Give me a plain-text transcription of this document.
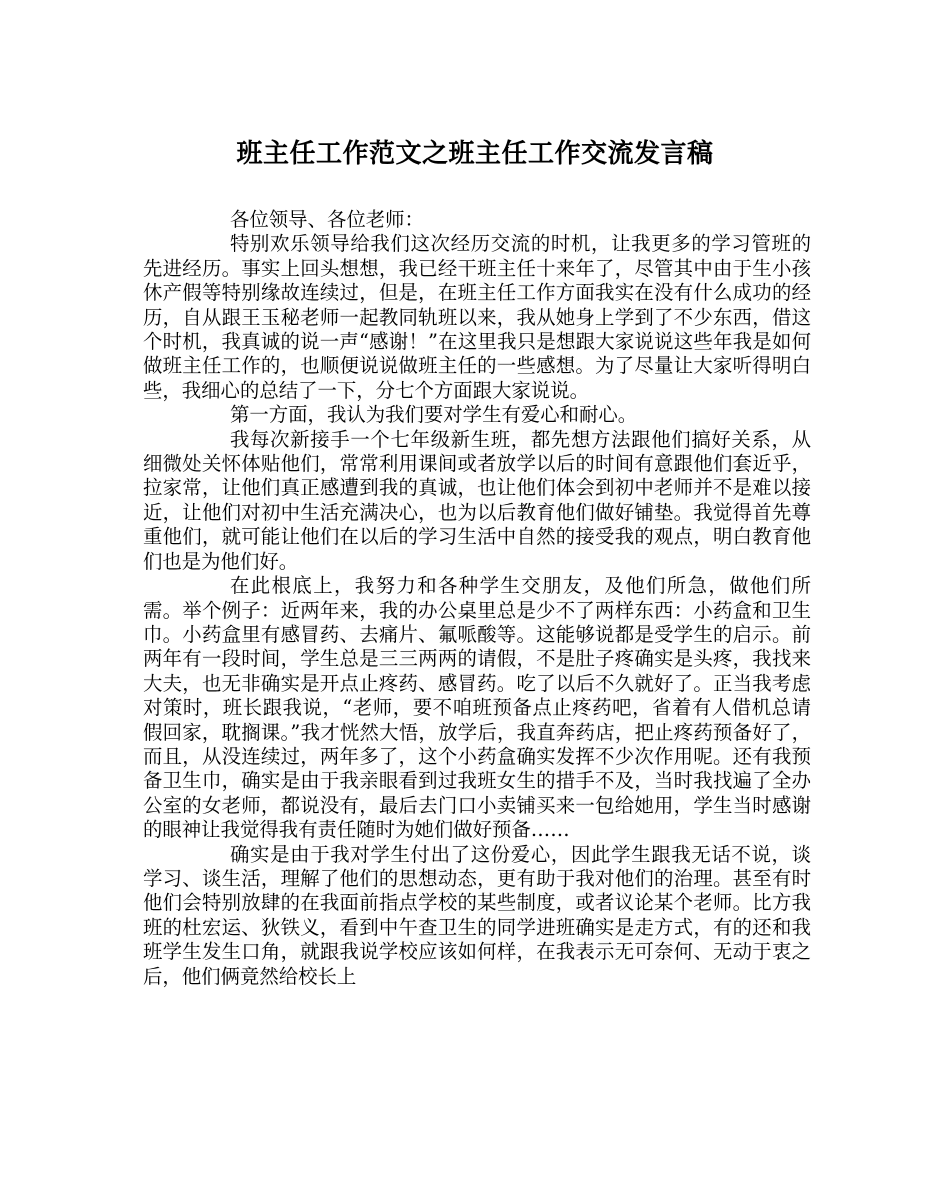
班主任工作范文之班主任工作交流发言稿

各位领导、各位老师：

特别欢乐领导给我们这次经历交流的时机，让我更多的学习管班的先进经历。事实上回头想想，我已经干班主任十来年了，尽管其中由于生小孩休产假等特别缘故连续过，但是，在班主任工作方面我实在没有什么成功的经历，自从跟王玉秘老师一起教同轨班以来，我从她身上学到了不少东西，借这个时机，我真诚的说一声“感谢！”在这里我只是想跟大家说说这些年我是如何做班主任工作的，也顺便说说做班主任的一些感想。为了尽量让大家听得明白些，我细心的总结了一下，分七个方面跟大家说说。

第一方面，我认为我们要对学生有爱心和耐心。

我每次新接手一个七年级新生班，都先想方法跟他们搞好关系，从细微处关怀体贴他们，常常利用课间或者放学以后的时间有意跟他们套近乎，拉家常，让他们真正感遭到我的真诚，也让他们体会到初中老师并不是难以接近，让他们对初中生活充满决心，也为以后教育他们做好铺垫。我觉得首先尊重他们，就可能让他们在以后的学习生活中自然的接受我的观点，明白教育他们也是为他们好。

在此根底上，我努力和各种学生交朋友，及他们所急，做他们所需。举个例子：近两年来，我的办公桌里总是少不了两样东西：小药盒和卫生巾。小药盒里有感冒药、去痛片、氟哌酸等。这能够说都是受学生的启示。前两年有一段时间，学生总是三三两两的请假，不是肚子疼确实是头疼，我找来大夫，也无非确实是开点止疼药、感冒药。吃了以后不久就好了。正当我考虑对策时，班长跟我说，“老师，要不咱班预备点止疼药吧，省着有人借机总请假回家，耽搁课。”我才恍然大悟，放学后，我直奔药店，把止疼药预备好了，而且，从没连续过，两年多了，这个小药盒确实发挥不少次作用呢。还有我预备卫生巾，确实是由于我亲眼看到过我班女生的措手不及，当时我找遍了全办公室的女老师，都说没有，最后去门口小卖铺买来一包给她用，学生当时感谢的眼神让我觉得我有责任随时为她们做好预备……

确实是由于我对学生付出了这份爱心，因此学生跟我无话不说，谈学习、谈生活，理解了他们的思想动态，更有助于我对他们的治理。甚至有时他们会特别放肆的在我面前指点学校的某些制度，或者议论某个老师。比方我班的杜宏运、狄铁义，看到中午查卫生的同学进班确实是走方式，有的还和我班学生发生口角，就跟我说学校应该如何样，在我表示无可奈何、无动于衷之后，他们俩竟然给校长上
